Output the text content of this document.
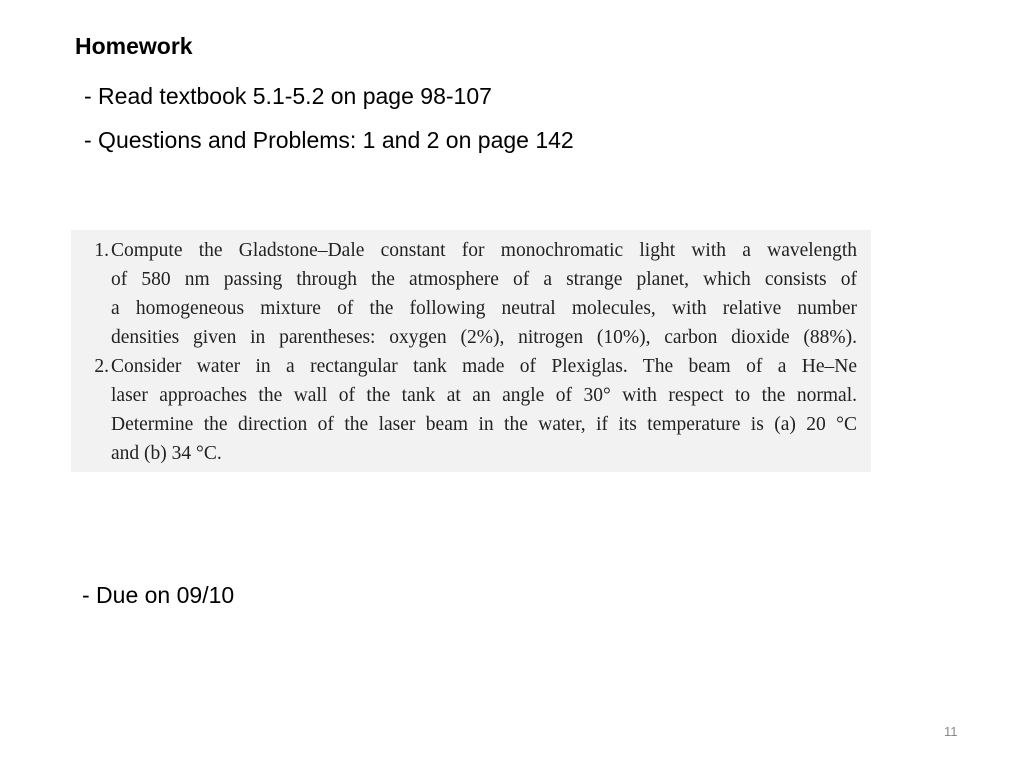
Homework
- Read textbook 5.1-5.2 on page 98-107
- Questions and Problems: 1 and 2 on page 142
1. Compute the Gladstone–Dale constant for monochromatic light with a wavelength
of 580 nm passing through the atmosphere of a strange planet, which consists of
a homogeneous mixture of the following neutral molecules, with relative number
densities given in parentheses: oxygen (2%), nitrogen (10%), carbon dioxide (88%).
2. Consider water in a rectangular tank made of Plexiglas. The beam of a He–Ne
laser approaches the wall of the tank at an angle of 30° with respect to the normal.
Determine the direction of the laser beam in the water, if its temperature is (a) 20 °C
and (b) 34 °C.
- Due on 09/10
11
